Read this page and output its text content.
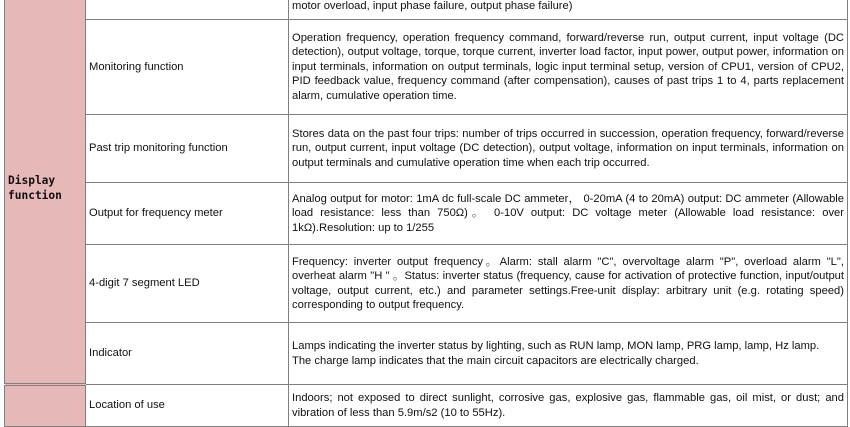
Display
function		motor overload, input phase failure, output phase failure)
	Monitoring function	Operation frequency, operation frequency command, forward/reverse run, output current, input voltage (DC detection), output voltage, torque, torque current, inverter load factor, input power, output power, information on input terminals, information on output terminals, logic input terminal setup, version of CPU1, version of CPU2, PID feedback value, frequency command (after compensation), causes of past trips 1 to 4, parts replacement alarm, cumulative operation time.
	Past trip monitoring function	Stores data on the past four trips: number of trips occurred in succession, operation frequency, forward/reverse run, output current, input voltage (DC detection), output voltage, information on input terminals, information on output terminals and cumulative operation time when each trip occurred.
	Output for frequency meter	Analog output for motor: 1mA dc full-scale DC ammeter， 0-20mA (4 to 20mA) output: DC ammeter (Allowable load resistance: less than 750Ω)。 0-10V output: DC voltage meter (Allowable load resistance: over 1kΩ).Resolution: up to 1/255
	4-digit 7 segment LED	Frequency: inverter output frequency。Alarm: stall alarm "C", overvoltage alarm "P", overload alarm "L", overheat alarm "H " 。Status: inverter status (frequency, cause for activation of protective function, input/output voltage, output current, etc.) and parameter settings.Free-unit display: arbitrary unit (e.g. rotating speed) corresponding to output frequency.
	Indicator	Lamps indicating the inverter status by lighting, such as RUN lamp, MON lamp, PRG lamp, lamp, Hz lamp.

The charge lamp indicates that the main circuit capacitors are electrically charged.

	Location of use	Indoors; not exposed to direct sunlight, corrosive gas, explosive gas, flammable gas, oil mist, or dust; and vibration of less than 5.9m/s2 (10 to 55Hz).
